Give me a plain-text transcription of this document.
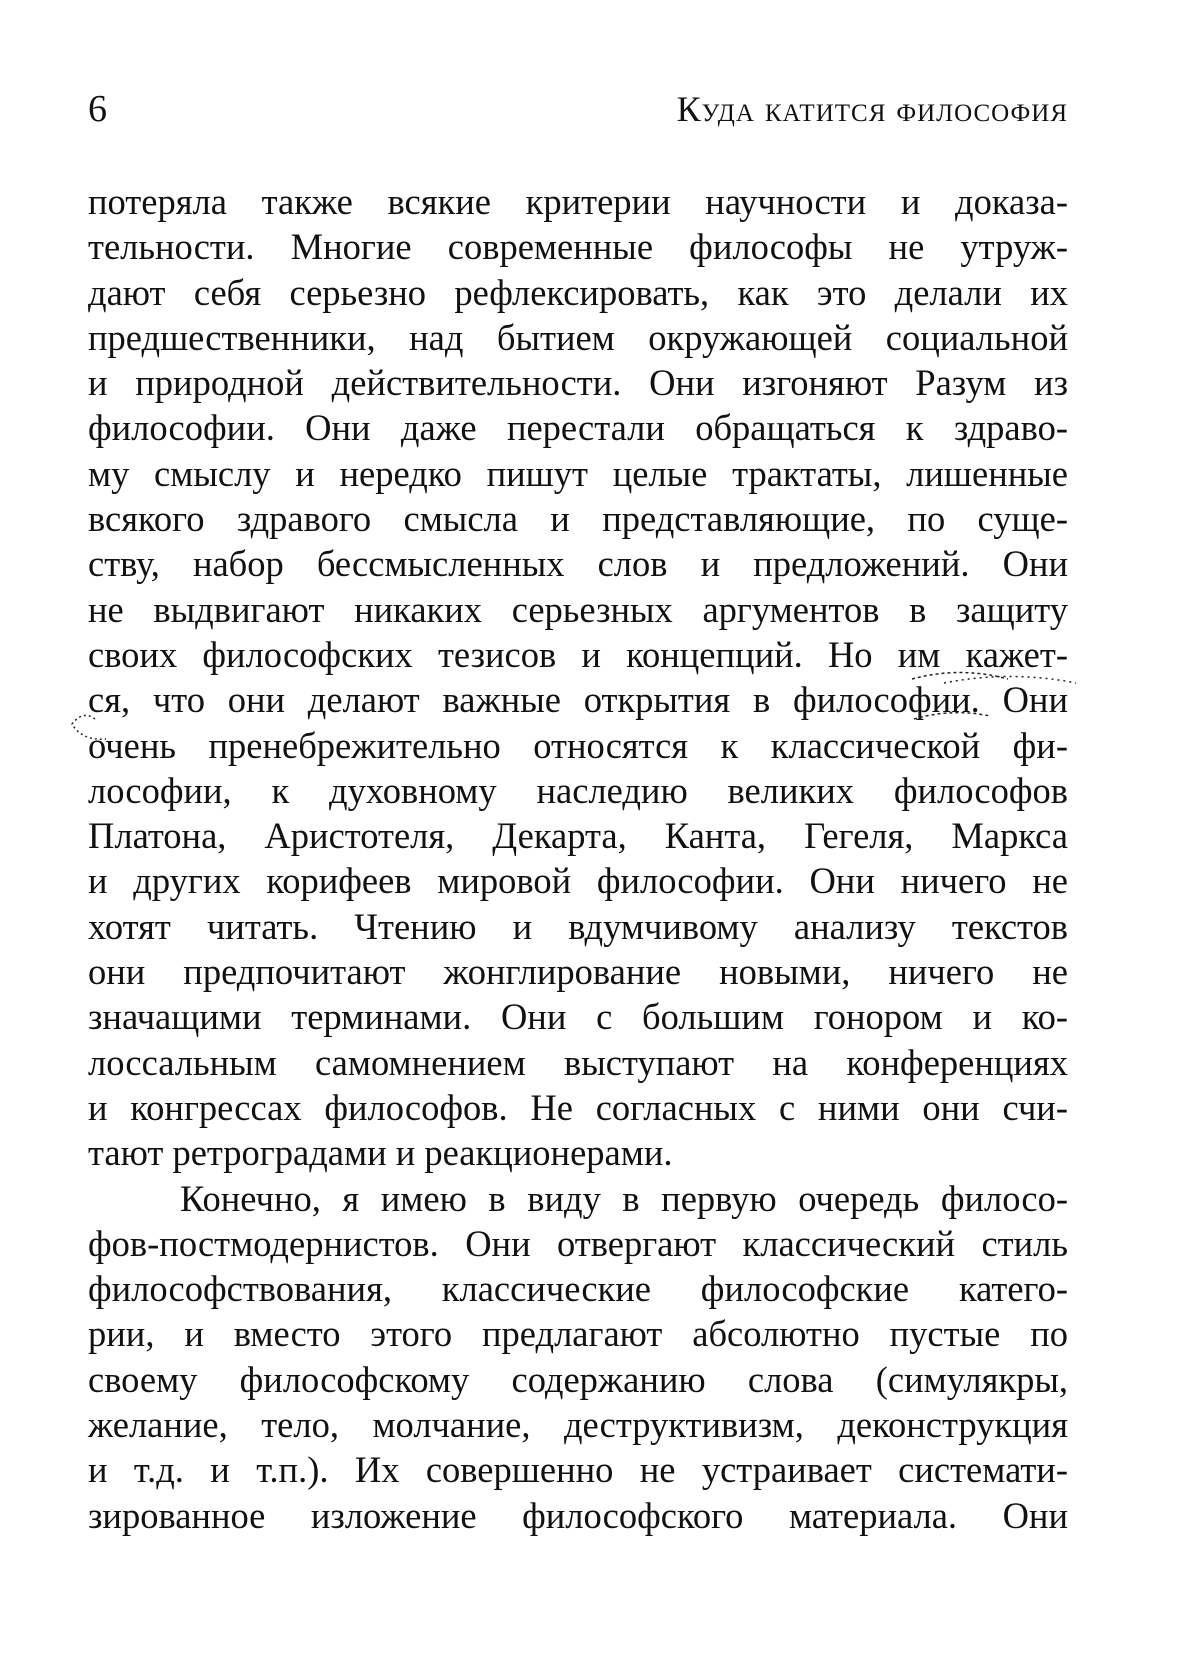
6	Куда катится философия
потеряла также всякие критерии научности и доказа-
тельности. Многие современные философы не утруж-
дают себя серьезно рефлексировать, как это делали их
предшественники, над бытием окружающей социальной
и природной действительности. Они изгоняют Разум из
философии. Они даже перестали обращаться к здраво-
му смыслу и нередко пишут целые трактаты, лишенные
всякого здравого смысла и представляющие, по суще-
ству, набор бессмысленных слов и предложений. Они
не выдвигают никаких серьезных аргументов в защиту
своих философских тезисов и концепций. Но им кажет-
ся, что они делают важные открытия в философии. Они
очень пренебрежительно относятся к классической фи-
лософии, к духовному наследию великих философов
Платона, Аристотеля, Декарта, Канта, Гегеля, Маркса
и других корифеев мировой философии. Они ничего не
хотят читать. Чтению и вдумчивому анализу текстов
они предпочитают жонглирование новыми, ничего не
значащими терминами. Они с большим гонором и ко-
лоссальным самомнением выступают на конференциях
и конгрессах философов. Не согласных с ними они счи-
тают ретроградами и реакционерами.
Конечно, я имею в виду в первую очередь филосо-
фов-постмодернистов. Они отвергают классический стиль
философствования, классические философские катего-
рии, и вместо этого предлагают абсолютно пустые по
своему философскому содержанию слова (симулякры,
желание, тело, молчание, деструктивизм, деконструкция
и т.д. и т.п.). Их совершенно не устраивает системати-
зированное изложение философского материала. Они
